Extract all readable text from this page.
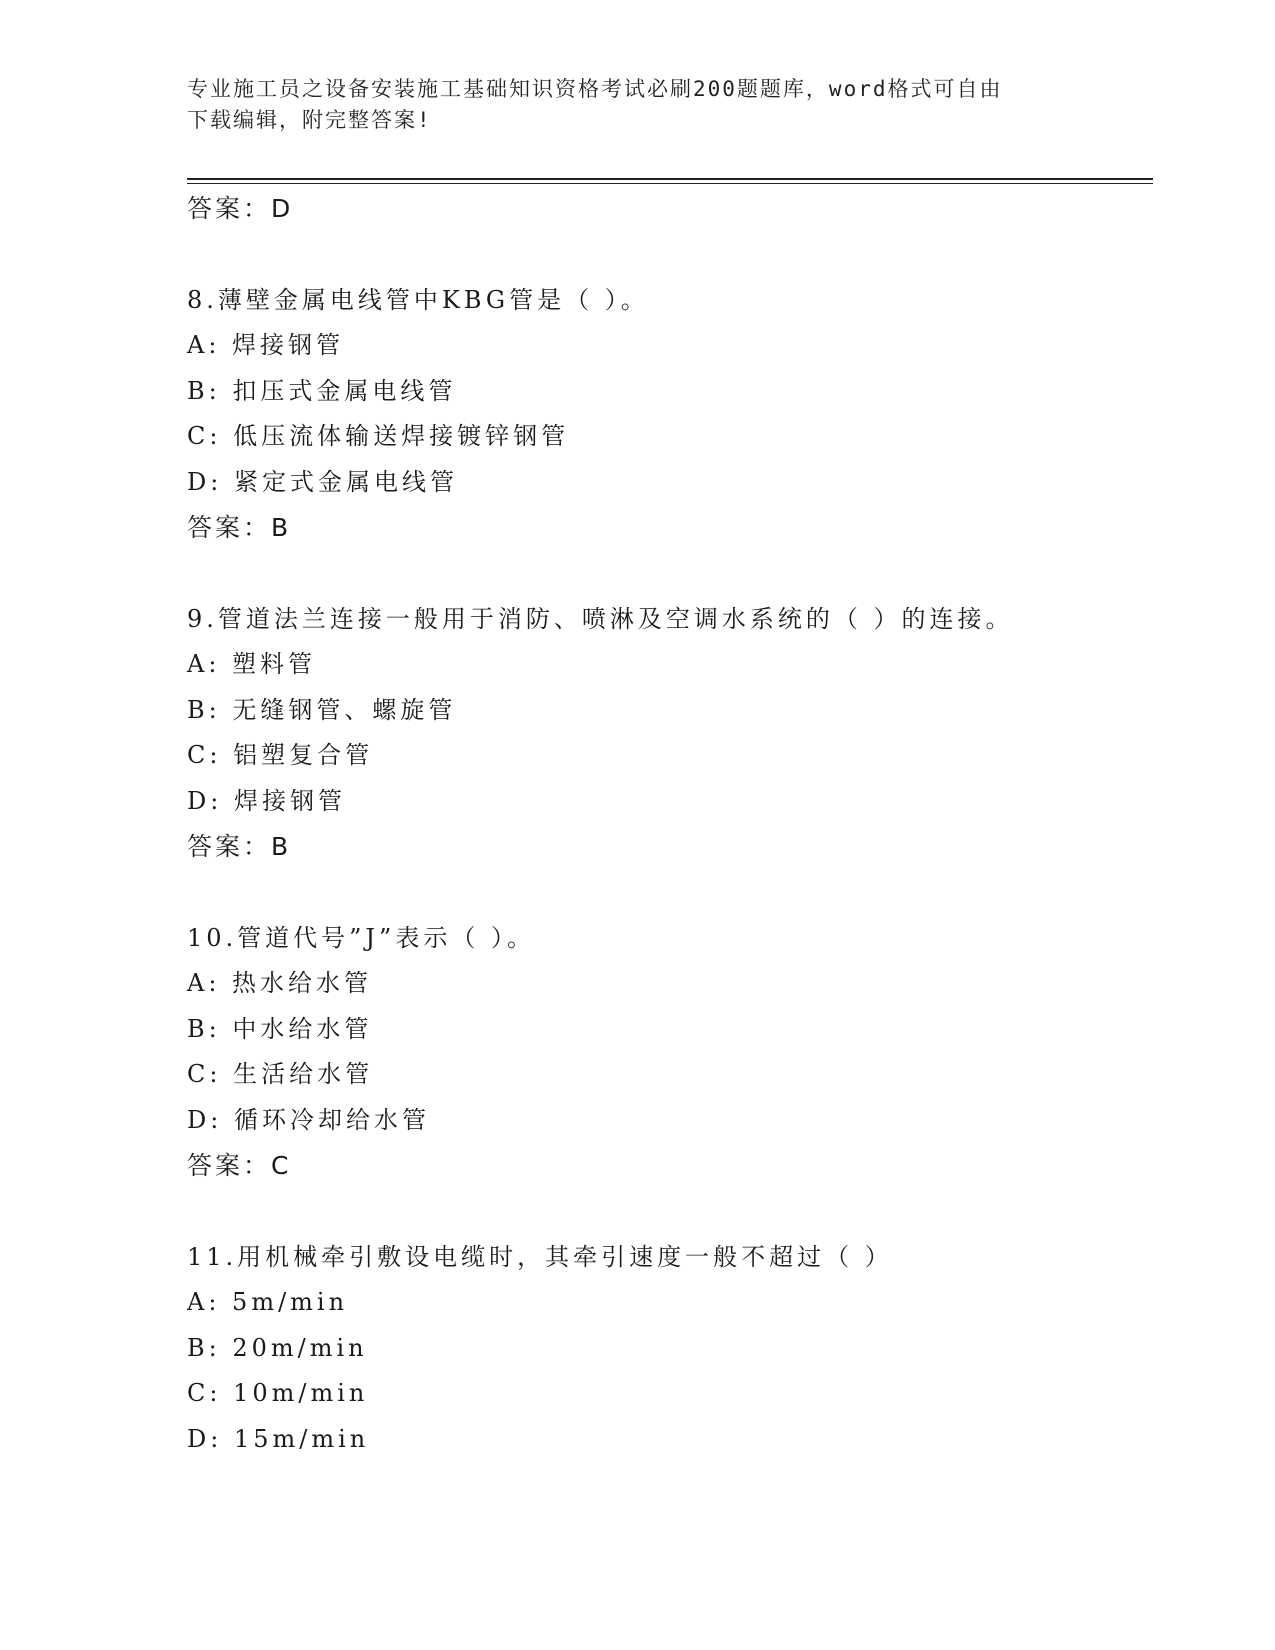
专业施工员之设备安装施工基础知识资格考试必刷200题题库，word格式可自由
下载编辑，附完整答案!
答案：D
8.薄壁金属电线管中KBG管是（ ）。
A: 焊接钢管
B: 扣压式金属电线管
C: 低压流体输送焊接镀锌钢管
D: 紧定式金属电线管
答案：B
9.管道法兰连接一般用于消防、喷淋及空调水系统的（ ）的连接。
A: 塑料管
B: 无缝钢管、螺旋管
C: 铝塑复合管
D: 焊接钢管
答案：B
10.管道代号”J”表示（ ）。
A: 热水给水管
B: 中水给水管
C: 生活给水管
D: 循环冷却给水管
答案：C
11.用机械牵引敷设电缆时，其牵引速度一般不超过（ ）
A: 5m/min
B: 20m/min
C: 10m/min
D: 15m/min
